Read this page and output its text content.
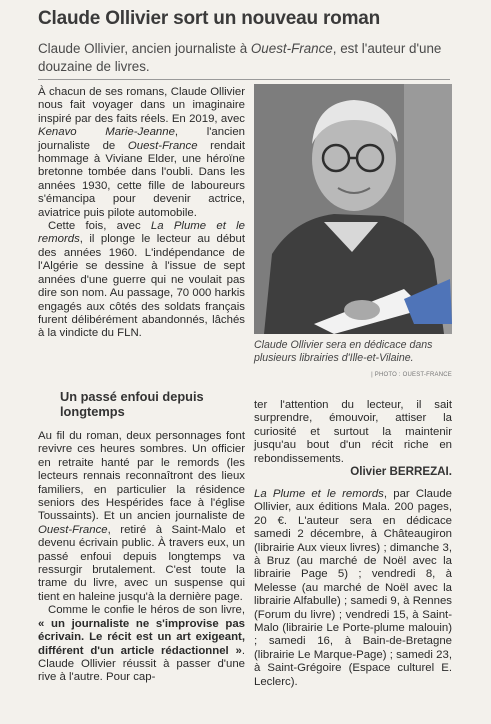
Claude Ollivier sort un nouveau roman

Claude Ollivier, ancien journaliste à Ouest-France, est l'auteur d'une douzaine de livres.

À chacun de ses romans, Claude Ollivier nous fait voyager dans un imaginaire inspiré par des faits réels. En 2019, avec Kenavo Marie-Jeanne, l'ancien journaliste de Ouest-France rendait hommage à Viviane Elder, une héroïne bretonne tombée dans l'oubli. Dans les années 1930, cette fille de laboureurs s'émancipa pour devenir actrice, aviatrice puis pilote automobile.

Cette fois, avec La Plume et le remords, il plonge le lecteur au début des années 1960. L'indépendance de l'Algérie se dessine à l'issue de sept années d'une guerre qui ne voulait pas dire son nom. Au passage, 70 000 harkis engagés aux côtés des soldats français furent délibérément abandonnés, lâchés à la vindicte du FLN.

Claude Ollivier sera en dédicace dans plusieurs librairies d'Ille-et-Vilaine.
| PHOTO : OUEST-FRANCE
Un passé enfoui depuis longtemps

Au fil du roman, deux personnages font revivre ces heures sombres. Un officier en retraite hanté par le remords (les lecteurs rennais reconnaîtront des lieux familiers, en particulier la résidence seniors des Hespérides face à l'église Toussaints). Et un ancien journaliste de Ouest-France, retiré à Saint-Malo et devenu écrivain public. À travers eux, un passé enfoui depuis longtemps va ressurgir brutalement. C'est toute la trame du livre, avec un suspense qui tient en haleine jusqu'à la dernière page.

Comme le confie le héros de son livre, « un journaliste ne s'improvise pas écrivain. Le récit est un art exigeant, différent d'un article rédactionnel ». Claude Ollivier réussit à passer d'une rive à l'autre. Pour cap-

ter l'attention du lecteur, il sait surprendre, émouvoir, attiser la curiosité et surtout la maintenir jusqu'au bout d'un récit riche en rebondissements.

Olivier BERREZAI.

La Plume et le remords, par Claude Ollivier, aux éditions Mala. 200 pages, 20 €. L'auteur sera en dédicace samedi 2 décembre, à Châteaugiron (librairie Aux vieux livres) ; dimanche 3, à Bruz (au marché de Noël avec la librairie Page 5) ; vendredi 8, à Melesse (au marché de Noël avec la librairie Alfabulle) ; samedi 9, à Rennes (Forum du livre) ; vendredi 15, à Saint-Malo (librairie Le Porte-plume malouin) ; samedi 16, à Bain-de-Bretagne (librairie Le Marque-Page) ; samedi 23, à Saint-Grégoire (Espace culturel E. Leclerc).
